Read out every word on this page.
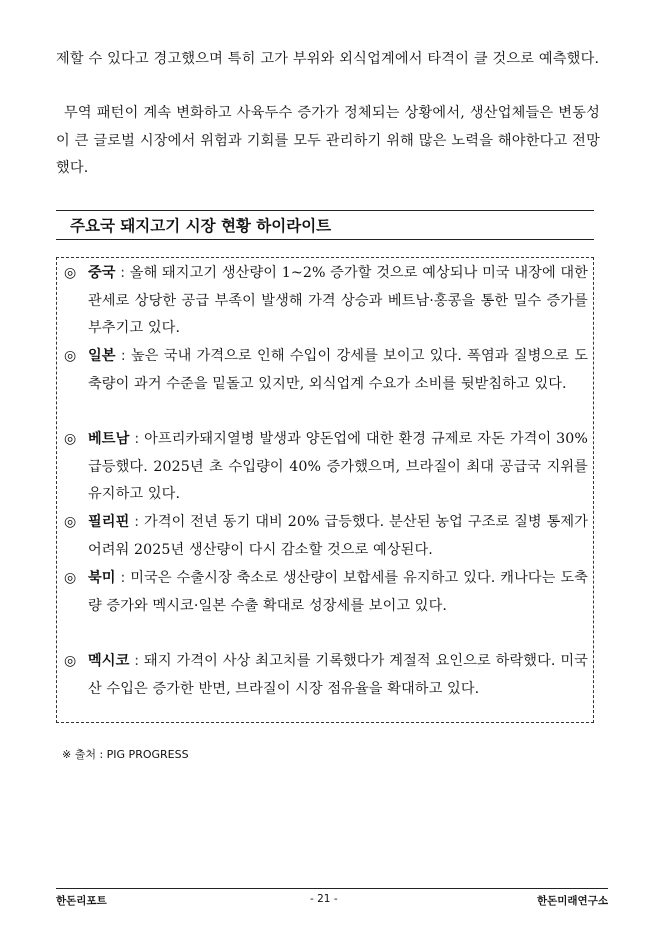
제할 수 있다고 경고했으며 특히 고가 부위와 외식업계에서 타격이 클 것으로 예측했다.

무역 패턴이 계속 변화하고 사육두수 증가가 정체되는 상황에서, 생산업체들은 변동성이 큰 글로벌 시장에서 위험과 기회를 모두 관리하기 위해 많은 노력을 해야한다고 전망했다.

주요국 돼지고기 시장 현황 하이라이트
◎ 중국 : 올해 돼지고기 생산량이 1~2% 증가할 것으로 예상되나 미국 내장에 대한 관세로 상당한 공급 부족이 발생해 가격 상승과 베트남·홍콩을 통한 밀수 증가를 부추기고 있다.
◎ 일본 : 높은 국내 가격으로 인해 수입이 강세를 보이고 있다. 폭염과 질병으로 도축량이 과거 수준을 밑돌고 있지만, 외식업계 수요가 소비를 뒷받침하고 있다.
◎ 베트남 : 아프리카돼지열병 발생과 양돈업에 대한 환경 규제로 자돈 가격이 30% 급등했다. 2025년 초 수입량이 40% 증가했으며, 브라질이 최대 공급국 지위를 유지하고 있다.
◎ 필리핀 : 가격이 전년 동기 대비 20% 급등했다. 분산된 농업 구조로 질병 통제가 어려워 2025년 생산량이 다시 감소할 것으로 예상된다.
◎ 북미 : 미국은 수출시장 축소로 생산량이 보합세를 유지하고 있다. 캐나다는 도축량 증가와 멕시코·일본 수출 확대로 성장세를 보이고 있다.
◎ 멕시코 : 돼지 가격이 사상 최고치를 기록했다가 계절적 요인으로 하락했다. 미국산 수입은 증가한 반면, 브라질이 시장 점유율을 확대하고 있다.
※ 출처 : PIG PROGRESS
한돈리포트	- 21 -	한돈미래연구소
